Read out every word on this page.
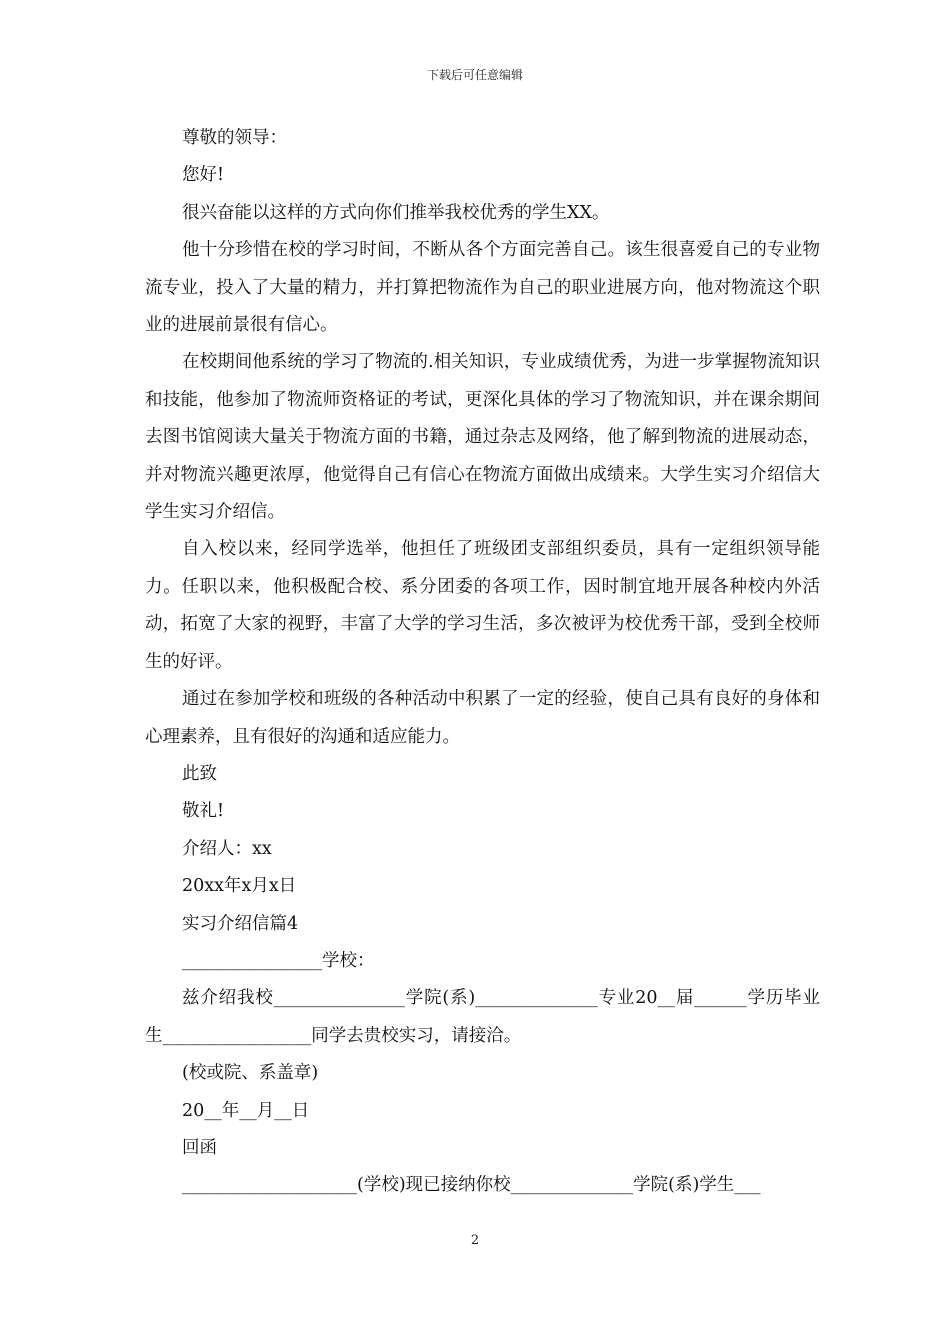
下载后可任意编辑

尊敬的领导：

您好!

很兴奋能以这样的方式向你们推举我校优秀的学生XX。

他十分珍惜在校的学习时间，不断从各个方面完善自己。该生很喜爱自己的专业物流专业，投入了大量的精力，并打算把物流作为自己的职业进展方向，他对物流这个职业的进展前景很有信心。

在校期间他系统的学习了物流的.相关知识，专业成绩优秀，为进一步掌握物流知识和技能，他参加了物流师资格证的考试，更深化具体的学习了物流知识，并在课余期间去图书馆阅读大量关于物流方面的书籍，通过杂志及网络，他了解到物流的进展动态，并对物流兴趣更浓厚，他觉得自己有信心在物流方面做出成绩来。大学生实习介绍信大学生实习介绍信。

自入校以来，经同学选举，他担任了班级团支部组织委员，具有一定组织领导能力。任职以来，他积极配合校、系分团委的各项工作，因时制宜地开展各种校内外活动，拓宽了大家的视野，丰富了大学的学习生活，多次被评为校优秀干部，受到全校师生的好评。

通过在参加学校和班级的各种活动中积累了一定的经验，使自己具有良好的身体和心理素养，且有很好的沟通和适应能力。

此致

敬礼!

介绍人：xx

20xx年x月x日

实习介绍信篇4

________________学校：

兹介绍我校_______________学院(系)______________专业20__届______学历毕业生_________________同学去贵校实习，请接洽。

(校或院、系盖章)

20__年__月__日

回函

____________________(学校)现已接纳你校______________学院(系)学生___

2
